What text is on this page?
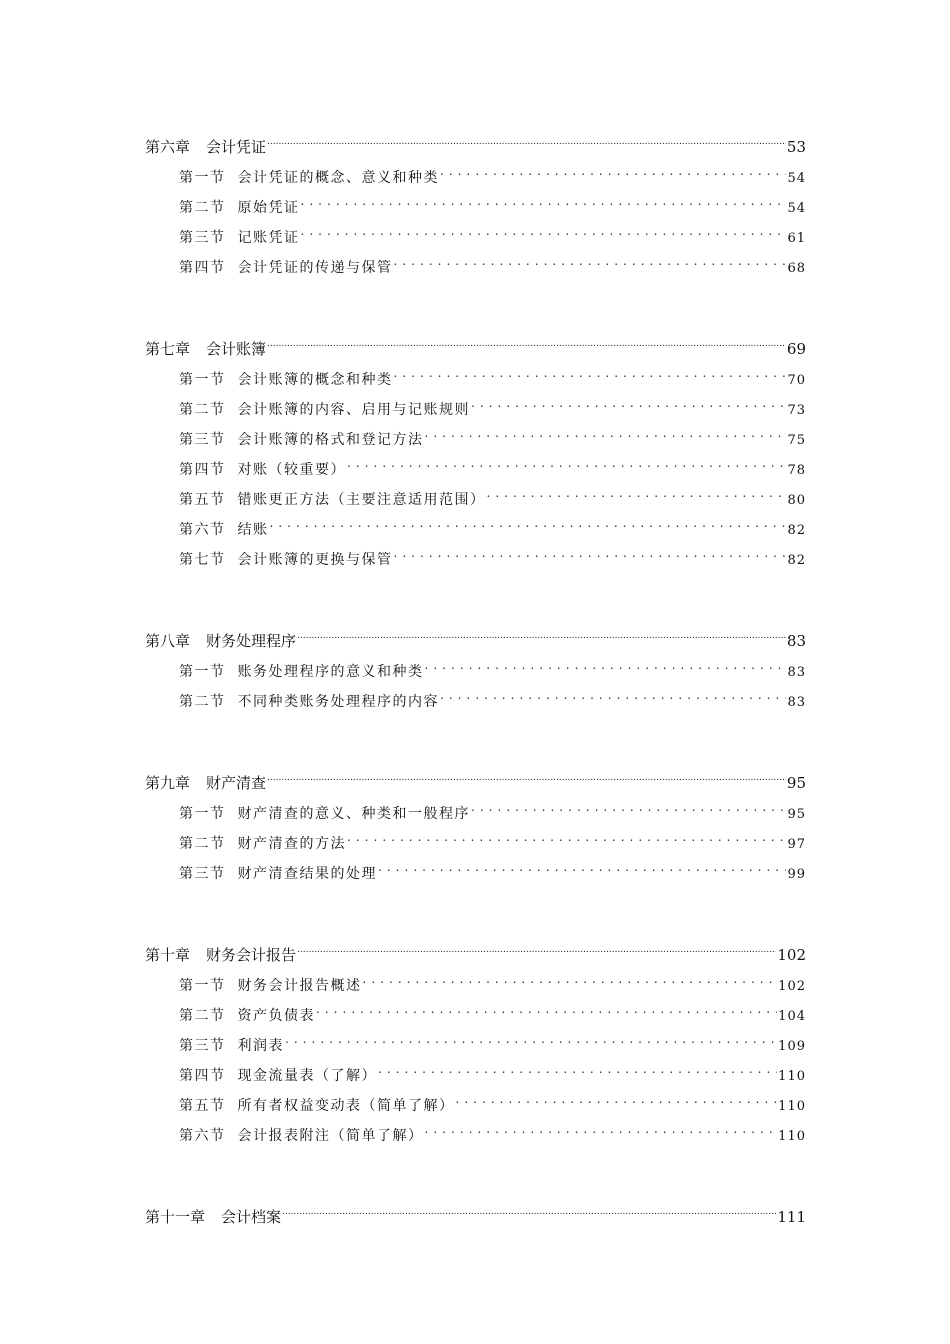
第六章 会计凭证 .....	53
第一节 会计凭证的概念、意义和种类 . . .	54
第二节 原始凭证 . . .	54
第三节 记账凭证 . . .	61
第四节 会计凭证的传递与保管 . . .	68
第七章 会计账簿 .....	69
第一节 会计账簿的概念和种类 . . .	70
第二节 会计账簿的内容、启用与记账规则 . . .	73
第三节 会计账簿的格式和登记方法 . . .	75
第四节 对账（较重要） . . .	78
第五节 错账更正方法（主要注意适用范围） . . .	80
第六节 结账 . . .	82
第七节 会计账簿的更换与保管 . . .	82
第八章 财务处理程序 .....	83
第一节 账务处理程序的意义和种类 . . .	83
第二节 不同种类账务处理程序的内容 . . .	83
第九章 财产清查 .....	95
第一节 财产清查的意义、种类和一般程序 . . .	95
第二节 财产清查的方法 . . .	97
第三节 财产清查结果的处理 . . .	99
第十章 财务会计报告 .....	102
第一节 财务会计报告概述 . . .	102
第二节 资产负债表 . . .	104
第三节 利润表 . . .	109
第四节 现金流量表（了解） . . .	110
第五节 所有者权益变动表（简单了解） . . .	110
第六节 会计报表附注（简单了解） . . .	110
第十一章 会计档案 .....	111
